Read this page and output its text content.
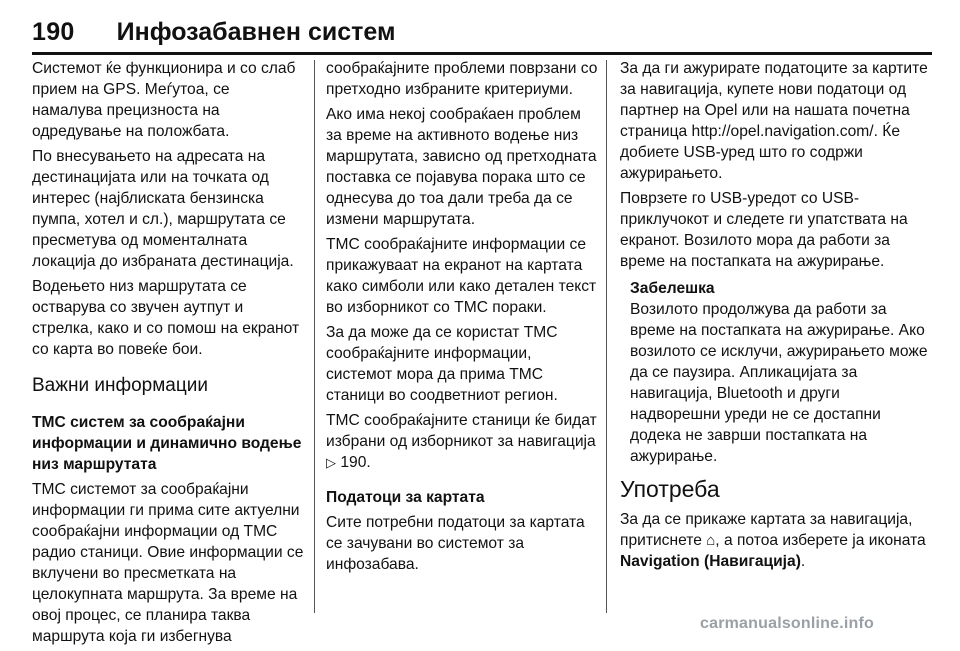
190 Инфозабавнен систем

Системот ќе функционира и со слаб прием на GPS. Меѓутоа, се намалува прецизноста на одредување на положбата.

По внесувањето на адресата на дестинацијата или на точката од интерес (најблиската бензинска пумпа, хотел и сл.), маршрутата се пресметува од моменталната локација до избраната дестинација.

Водењето низ маршрутата се остварува со звучен аутпут и стрелка, како и со помош на екранот со карта во повеќе бои.

Важни информации

TMC систем за сообраќајни информации и динамично водење низ маршрутата

TMC системот за сообраќајни информации ги прима сите актуелни сообраќајни информации од TMC радио станици. Овие информации се вклучени во пресметката на целокупната маршрута. За време на овој процес, се планира таква маршрута која ги избегнува

сообраќајните проблеми поврзани со претходно избраните критериуми.

Ако има некој сообраќаен проблем за време на активното водење низ маршрутата, зависно од претходната поставка се појавува порака што се однесува до тоа дали треба да се измени маршрутата.

TMC сообраќајните информации се прикажуваат на екранот на картата како симболи или како детален текст во изборникот со TMC пораки.

За да може да се користат TMC сообраќајните информации, системот мора да прима TMC станици во соодветниот регион.

TMC сообраќајните станици ќе бидат избрани од изборникот за навигација ▷ 190.

Податоци за картата

Сите потребни податоци за картата се зачувани во системот за инфозабава.

За да ги ажурирате податоците за картите за навигација, купете нови податоци од партнер на Opel или на нашата почетна страница http://opel.navigation.com/. Ќе добиете USB-уред што го содржи ажурирањето.

Поврзете го USB-уредот со USB-приклучокот и следете ги упатствата на екранот. Возилото мора да работи за време на постапката на ажурирање.

Забелешка
Возилото продолжува да работи за време на постапката на ажурирање. Ако возилото се исклучи, ажурирањето може да се паузира. Апликацијата за навигација, Bluetooth и други надворешни уреди не се достапни додека не заврши постапката на ажурирање.
Употреба

За да се прикаже картата за навигација, притиснете ⌂, а потоа изберете ја иконата Navigation (Навигација).

carmanualsonline.info
